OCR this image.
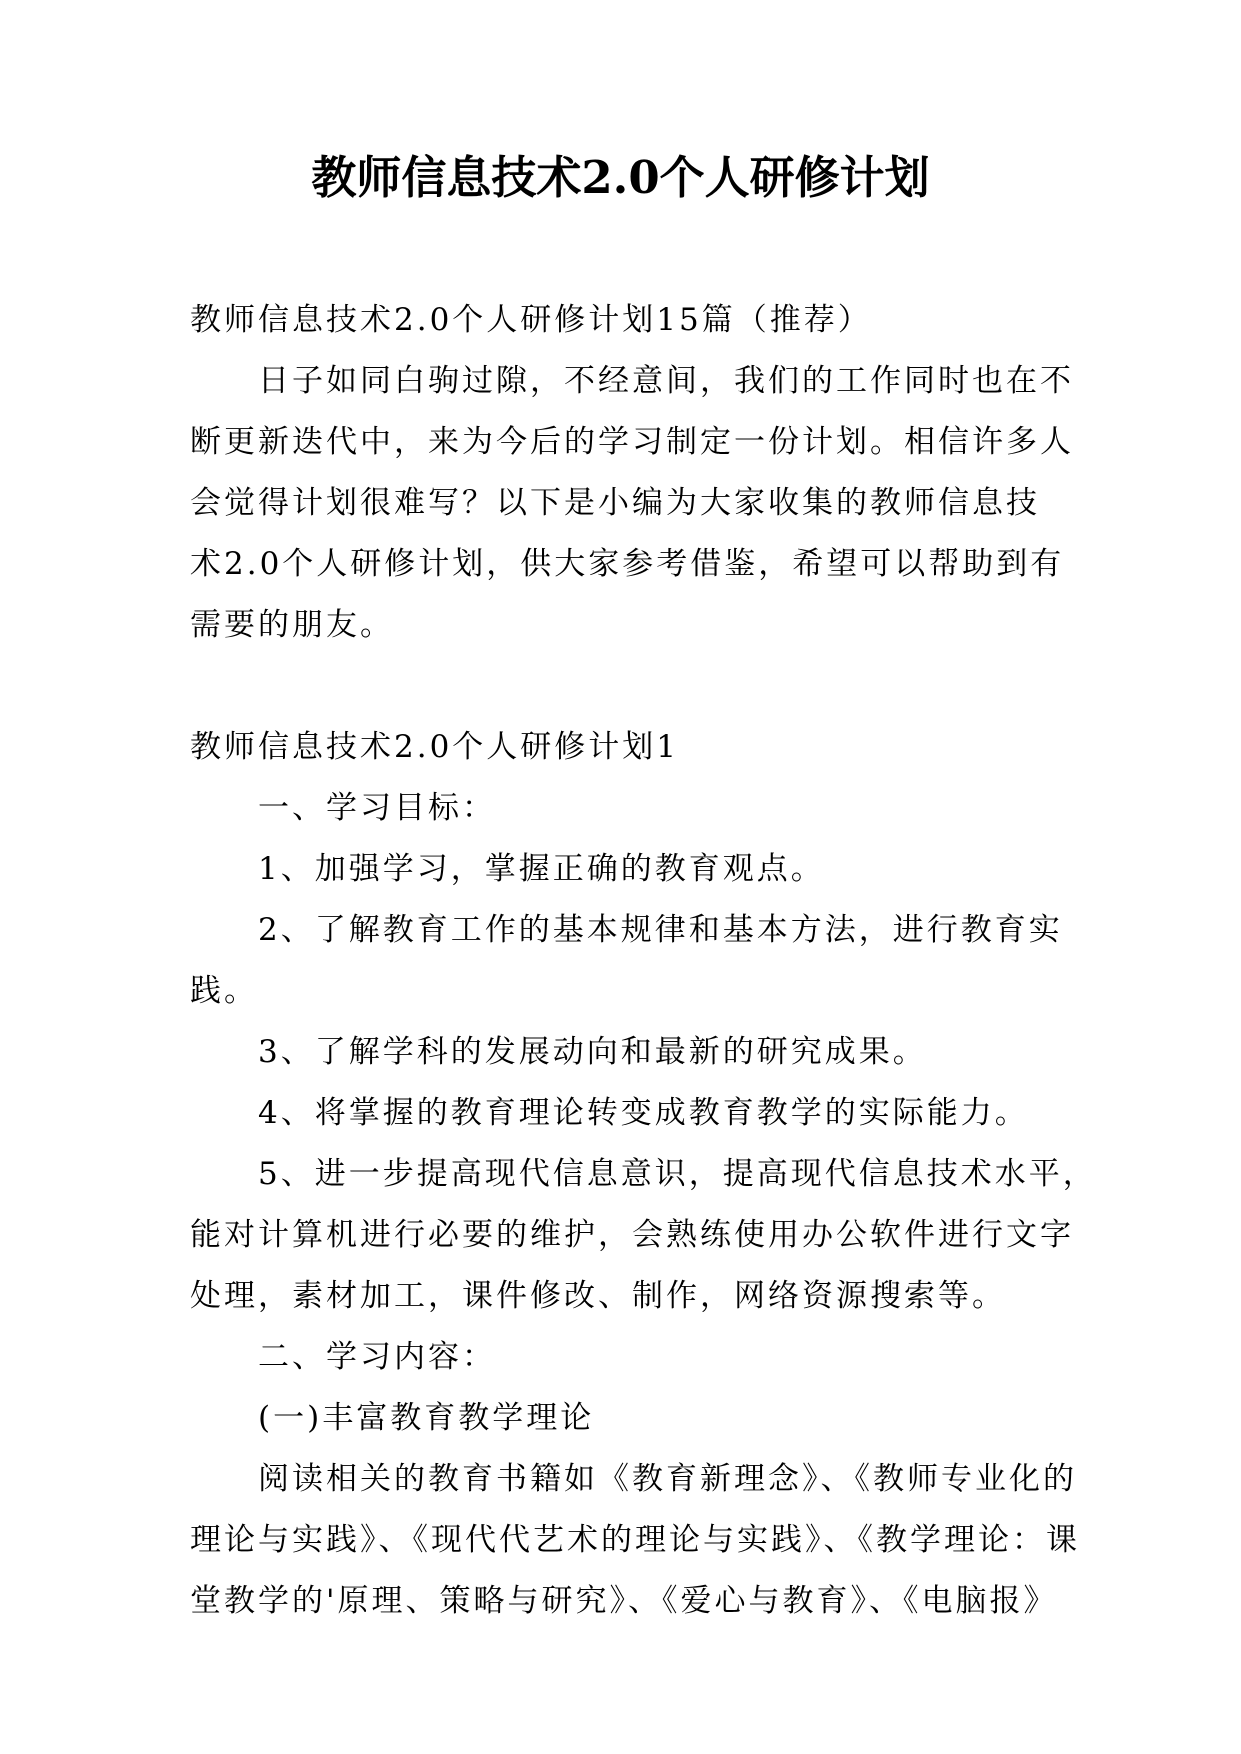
教师信息技术2.0个人研修计划

教师信息技术2.0个人研修计划15篇（推荐）

日子如同白驹过隙，不经意间，我们的工作同时也在不

断更新迭代中，来为今后的学习制定一份计划。相信许多人

会觉得计划很难写？以下是小编为大家收集的教师信息技

术2.0个人研修计划，供大家参考借鉴，希望可以帮助到有

需要的朋友。

教师信息技术2.0个人研修计划1

一、学习目标：

1、加强学习，掌握正确的教育观点。

2、了解教育工作的基本规律和基本方法，进行教育实

践。

3、了解学科的发展动向和最新的研究成果。

4、将掌握的教育理论转变成教育教学的实际能力。

5、进一步提高现代信息意识，提高现代信息技术水平，

能对计算机进行必要的维护，会熟练使用办公软件进行文字

处理，素材加工，课件修改、制作，网络资源搜索等。

二、学习内容：

(一)丰富教育教学理论

阅读相关的教育书籍如《教育新理念》、《教师专业化的

理论与实践》、《现代代艺术的理论与实践》、《教学理论：课

堂教学的'原理、策略与研究》、《爱心与教育》、《电脑报》
